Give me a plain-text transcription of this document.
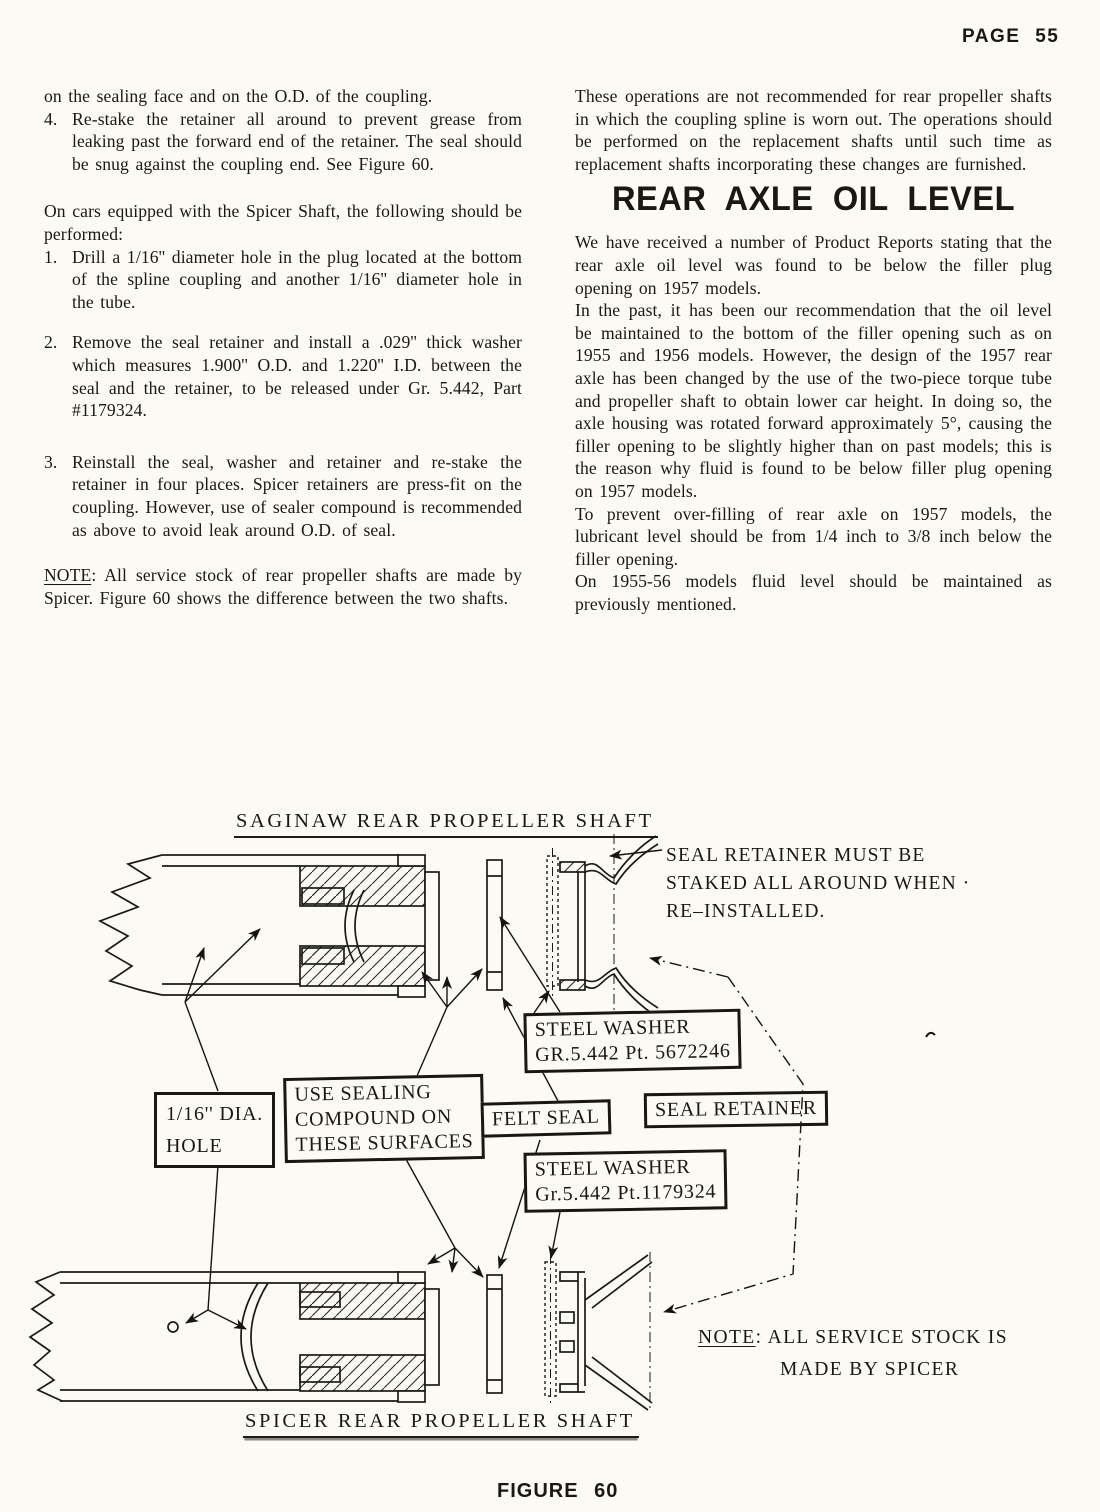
PAGE 55

on the sealing face and on the O.D. of the coupling.

4. Re-stake the retainer all around to prevent grease from leaking past the forward end of the retainer. The seal should be snug against the coupling end. See Figure 60.

On cars equipped with the Spicer Shaft, the following should be performed:

1. Drill a 1/16'' diameter hole in the plug located at the bottom of the spline coupling and another 1/16'' diameter hole in the tube.

2. Remove the seal retainer and install a .029'' thick washer which measures 1.900'' O.D. and 1.220'' I.D. between the seal and the retainer, to be released under Gr. 5.442, Part #1179324.

3. Reinstall the seal, washer and retainer and re-stake the retainer in four places. Spicer retainers are press-fit on the coupling. However, use of sealer compound is recommended as above to avoid leak around O.D. of seal.

NOTE: All service stock of rear propeller shafts are made by Spicer. Figure 60 shows the difference between the two shafts.

These operations are not recommended for rear propeller shafts in which the coupling spline is worn out. The operations should be performed on the replacement shafts until such time as replacement shafts incorporating these changes are furnished.

REAR AXLE OIL LEVEL

We have received a number of Product Reports stating that the rear axle oil level was found to be below the filler plug opening on 1957 models.

In the past, it has been our recommendation that the oil level be maintained to the bottom of the filler opening such as on 1955 and 1956 models. However, the design of the 1957 rear axle has been changed by the use of the two-piece torque tube and propeller shaft to obtain lower car height. In doing so, the axle housing was rotated forward approximately 5°, causing the filler opening to be slightly higher than on past models; this is the reason why fluid is found to be below filler plug opening on 1957 models.

To prevent over-filling of rear axle on 1957 models, the lubricant level should be from 1/4 inch to 3/8 inch below the filler opening.

On 1955-56 models fluid level should be maintained as previously mentioned.

SAGINAW REAR PROPELLER SHAFT
SPICER REAR PROPELLER SHAFT
SEAL RETAINER MUST BE
STAKED ALL AROUND WHEN ·
RE–INSTALLED.
STEEL WASHER
GR.5.442 Pt. 5672246
1/16'' DIA.
HOLE
USE SEALING
COMPOUND ON
THESE SURFACES
FELT SEAL	SEAL RETAINER
STEEL WASHER
Gr.5.442 Pt.1179324
NOTE: ALL SERVICE STOCK IS
MADE BY SPICER
FIGURE 60
